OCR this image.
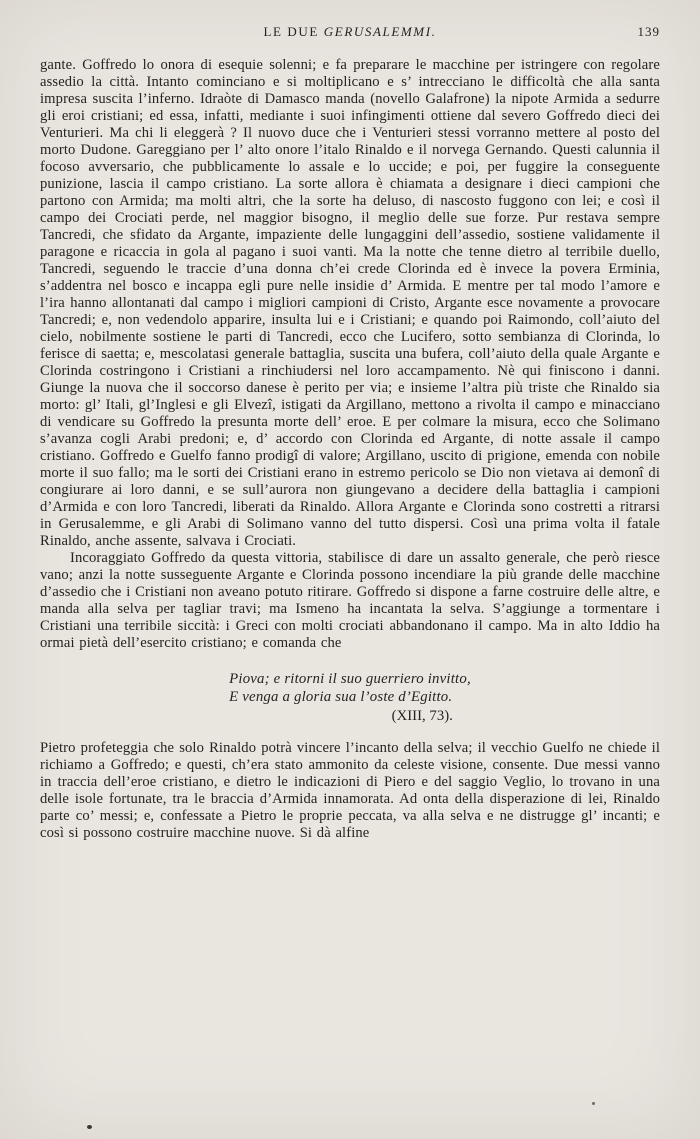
LE DUE GERUSALEMMI.	139

gante. Goffredo lo onora di esequie solenni; e fa preparare le macchine per istringere con regolare assedio la città. Intanto cominciano e si moltiplicano e s’ intrecciano le difficoltà che alla santa impresa suscita l’inferno. Idraòte di Damasco manda (novello Galafrone) la nipote Armida a sedurre gli eroi cristiani; ed essa, infatti, mediante i suoi infingimenti ottiene dal severo Goffredo dieci dei Venturieri. Ma chi li eleggerà ? Il nuovo duce che i Venturieri stessi vorranno mettere al posto del morto Dudone. Gareggiano per l’ alto onore l’italo Rinaldo e il norvega Gernando. Questi calunnia il focoso avversario, che pubblicamente lo assale e lo uccide; e poi, per fuggire la conseguente punizione, lascia il campo cristiano. La sorte allora è chiamata a designare i dieci campioni che partono con Armida; ma molti altri, che la sorte ha deluso, di nascosto fuggono con lei; e così il campo dei Crociati perde, nel maggior bisogno, il meglio delle sue forze. Pur restava sempre Tancredi, che sfidato da Argante, impaziente delle lungaggini dell’assedio, sostiene validamente il paragone e ricaccia in gola al pagano i suoi vanti. Ma la notte che tenne dietro al terribile duello, Tancredi, seguendo le traccie d’una donna ch’ei crede Clorinda ed è invece la povera Erminia, s’addentra nel bosco e incappa egli pure nelle insidie d’ Armida. E mentre per tal modo l’amore e l’ira hanno allontanati dal campo i migliori campioni di Cristo, Argante esce novamente a provocare Tancredi; e, non vedendolo apparire, insulta lui e i Cristiani; e quando poi Raimondo, coll’aiuto del cielo, nobilmente sostiene le parti di Tancredi, ecco che Lucifero, sotto sembianza di Clorinda, lo ferisce di saetta; e, mescolatasi generale battaglia, suscita una bufera, coll’aiuto della quale Argante e Clorinda costringono i Cristiani a rinchiudersi nel loro accampamento. Nè qui finiscono i danni. Giunge la nuova che il soccorso danese è perito per via; e insieme l’altra più triste che Rinaldo sia morto: gl’ Itali, gl’Inglesi e gli Elvezî, istigati da Argillano, mettono a rivolta il campo e minacciano di vendicare su Goffredo la presunta morte dell’ eroe. E per colmare la misura, ecco che Solimano s’avanza cogli Arabi predoni; e, d’ accordo con Clorinda ed Argante, di notte assale il campo cristiano. Goffredo e Guelfo fanno prodigî di valore; Argillano, uscito di prigione, emenda con nobile morte il suo fallo; ma le sorti dei Cristiani erano in estremo pericolo se Dio non vietava ai demonî di congiurare ai loro danni, e se sull’aurora non giungevano a decidere della battaglia i campioni d’Armida e con loro Tancredi, liberati da Rinaldo. Allora Argante e Clorinda sono costretti a ritrarsi in Gerusalemme, e gli Arabi di Solimano vanno del tutto dispersi. Così una prima volta il fatale Rinaldo, anche assente, salvava i Crociati.

Incoraggiato Goffredo da questa vittoria, stabilisce di dare un assalto generale, che però riesce vano; anzi la notte susseguente Argante e Clorinda possono incendiare la più grande delle macchine d’assedio che i Cristiani non aveano potuto ritirare. Goffredo si dispone a farne costruire delle altre, e manda alla selva per tagliar travi; ma Ismeno ha incantata la selva. S’aggiunge a tormentare i Cristiani una terribile siccità: i Greci con molti crociati abbandonano il campo. Ma in alto Iddio ha ormai pietà dell’esercito cristiano; e comanda che

Piova; e ritorni il suo guerriero invitto,
E venga a gloria sua l’oste d’Egitto.
(XIII, 73).

Pietro profeteggia che solo Rinaldo potrà vincere l’incanto della selva; il vecchio Guelfo ne chiede il richiamo a Goffredo; e questi, ch’era stato ammonito da celeste visione, consente. Due messi vanno in traccia dell’eroe cristiano, e dietro le indicazioni di Piero e del saggio Veglio, lo trovano in una delle isole fortunate, tra le braccia d’Armida innamorata. Ad onta della disperazione di lei, Rinaldo parte co’ messi; e, confessate a Pietro le proprie peccata, va alla selva e ne distrugge gl’ incanti; e così si possono costruire macchine nuove. Si dà alfine
